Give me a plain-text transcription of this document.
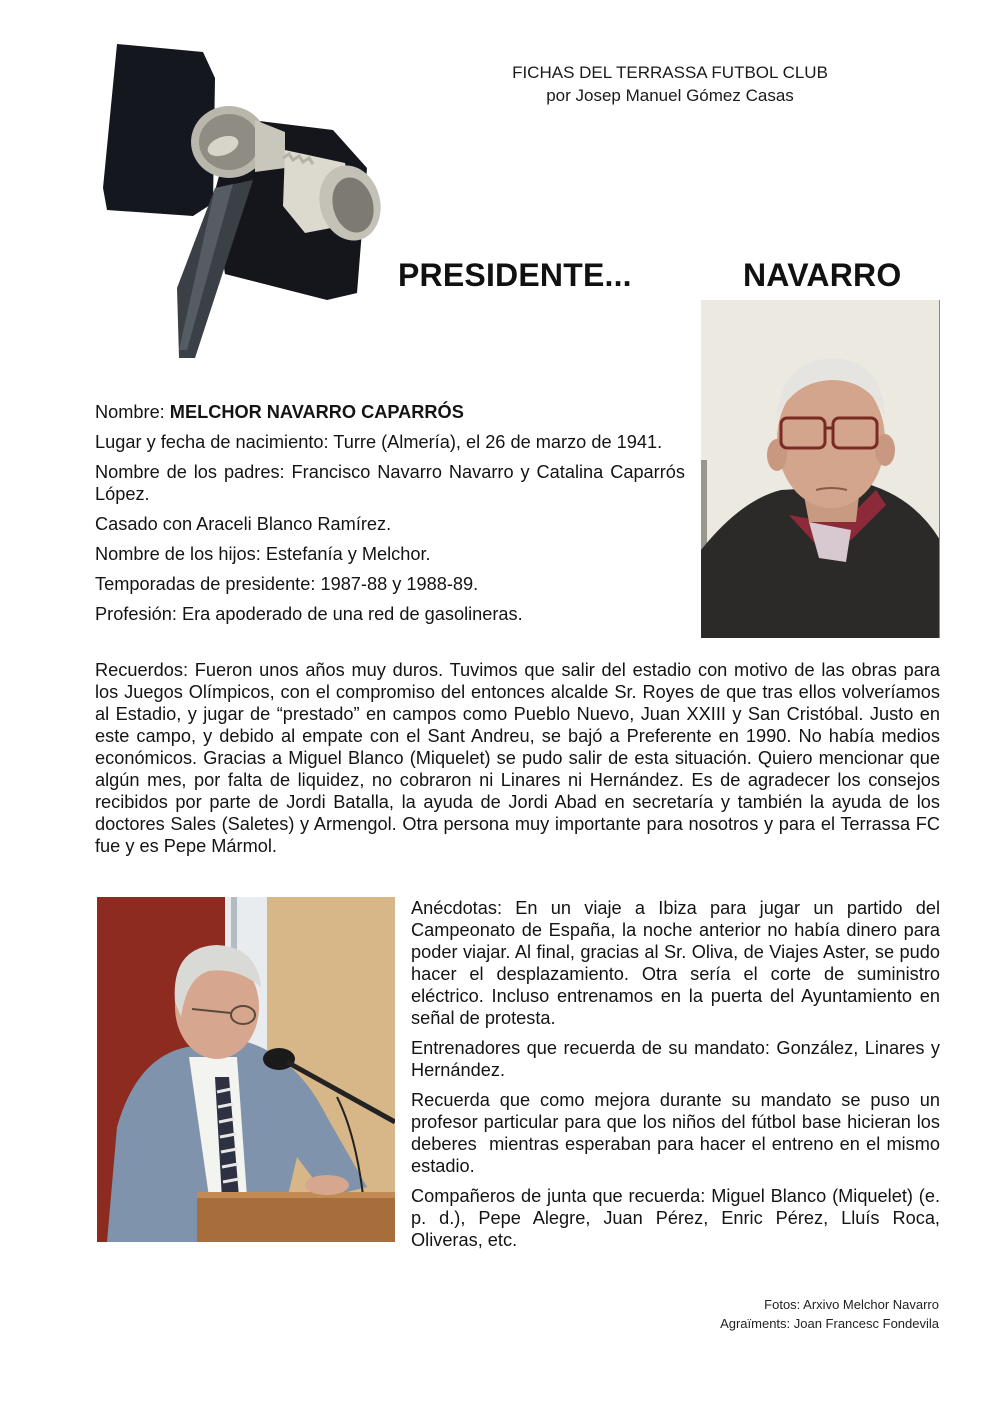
FICHAS DEL TERRASSA FUTBOL CLUB
por Josep Manuel Gómez Casas
PRESIDENTE...	NAVARRO
Nombre: MELCHOR NAVARRO CAPARRÓS
Lugar y fecha de nacimiento: Turre (Almería), el 26 de marzo de 1941.
Nombre de los padres: Francisco Navarro Navarro y Catalina Caparrós López.
Casado con Araceli Blanco Ramírez.
Nombre de los hijos: Estefanía y Melchor.
Temporadas de presidente: 1987-88 y 1988-89.
Profesión: Era apoderado de una red de gasolineras.
Recuerdos: Fueron unos años muy duros. Tuvimos que salir del estadio con motivo de las obras para los Juegos Olímpicos, con el compromiso del entonces alcalde Sr. Royes de que tras ellos volveríamos al Estadio, y jugar de “prestado” en campos como Pueblo Nuevo, Juan XXIII y San Cristóbal. Justo en este campo, y debido al empate con el Sant Andreu, se bajó a Preferente en 1990. No había medios económicos. Gracias a Miguel Blanco (Miquelet) se pudo salir de esta situación. Quiero mencionar que algún mes, por falta de liquidez, no cobraron ni Linares ni Hernández. Es de agradecer los consejos recibidos por parte de Jordi Batalla, la ayuda de Jordi Abad en secretaría y también la ayuda de los doctores Sales (Saletes) y Armengol. Otra persona muy importante para nosotros y para el Terrassa FC fue y es Pepe Mármol.
Anécdotas: En un viaje a Ibiza para jugar un partido del Campeonato de España, la noche anterior no había dinero para poder viajar. Al final, gracias al Sr. Oliva, de Viajes Aster, se pudo hacer el desplazamiento. Otra sería el corte de suministro eléctrico. Incluso entrenamos en la puerta del Ayuntamiento en señal de protesta.
Entrenadores que recuerda de su mandato: González, Linares y Hernández.
Recuerda que como mejora durante su mandato se puso un profesor particular para que los niños del fútbol base hicieran los deberes  mientras esperaban para hacer el entreno en el mismo estadio.
Compañeros de junta que recuerda: Miguel Blanco (Miquelet) (e. p. d.), Pepe Alegre, Juan Pérez, Enric Pérez, Lluís Roca, Oliveras, etc.
Fotos: Arxivo Melchor Navarro
Agraïments: Joan Francesc Fondevila
